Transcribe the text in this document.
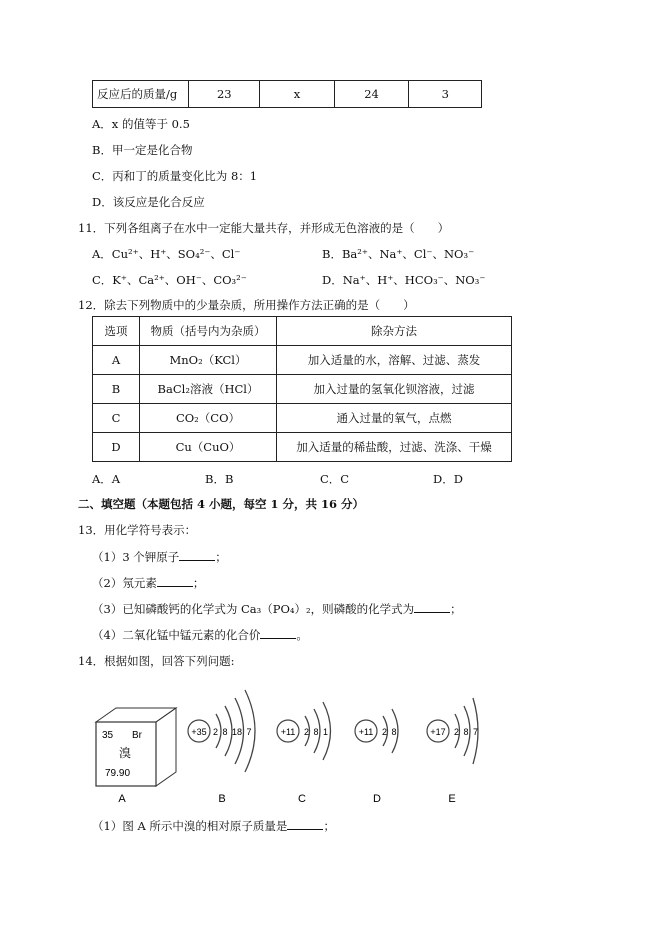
反应后的质量/g	23	x	24	3
A．x 的值等于 0.5
B．甲一定是化合物
C．丙和丁的质量变化比为 8：1
D．该反应是化合反应
11．下列各组离子在水中一定能大量共存，并形成无色溶液的是（　　）
A．Cu²⁺、H⁺、SO₄²⁻、Cl⁻	B．Ba²⁺、Na⁺、Cl⁻、NO₃⁻
C．K⁺、Ca²⁺、OH⁻、CO₃²⁻	D．Na⁺、H⁺、HCO₃⁻、NO₃⁻
12．除去下列物质中的少量杂质，所用操作方法正确的是（　　）
选项	物质（括号内为杂质）	除杂方法
A	MnO₂（KCl）	加入适量的水，溶解、过滤、蒸发
B	BaCl₂溶液（HCl）	加入过量的氢氧化钡溶液，过滤
C	CO₂（CO）	通入过量的氧气，点燃
D	Cu（CuO）	加入适量的稀盐酸，过滤、洗涤、干燥
A．A	B．B	C．C	D．D
二、填空题（本题包括 4 小题，每空 1 分，共 16 分）
13．用化学符号表示：
（1）3 个钾原子	；
（2）氖元素	；
（3）已知磷酸钙的化学式为 Ca₃（PO₄）₂，则磷酸的化学式为	；
（4）二氧化锰中锰元素的化合价	。
14．根据如图，回答下列问题:
35 Br
溴
79.90
A
+35 2 8 18 7
B
+11 2 8 1
C
+11 2 8
D
+17 2 8 7
E
（1）图 A 所示中溴的相对原子质量是	；
